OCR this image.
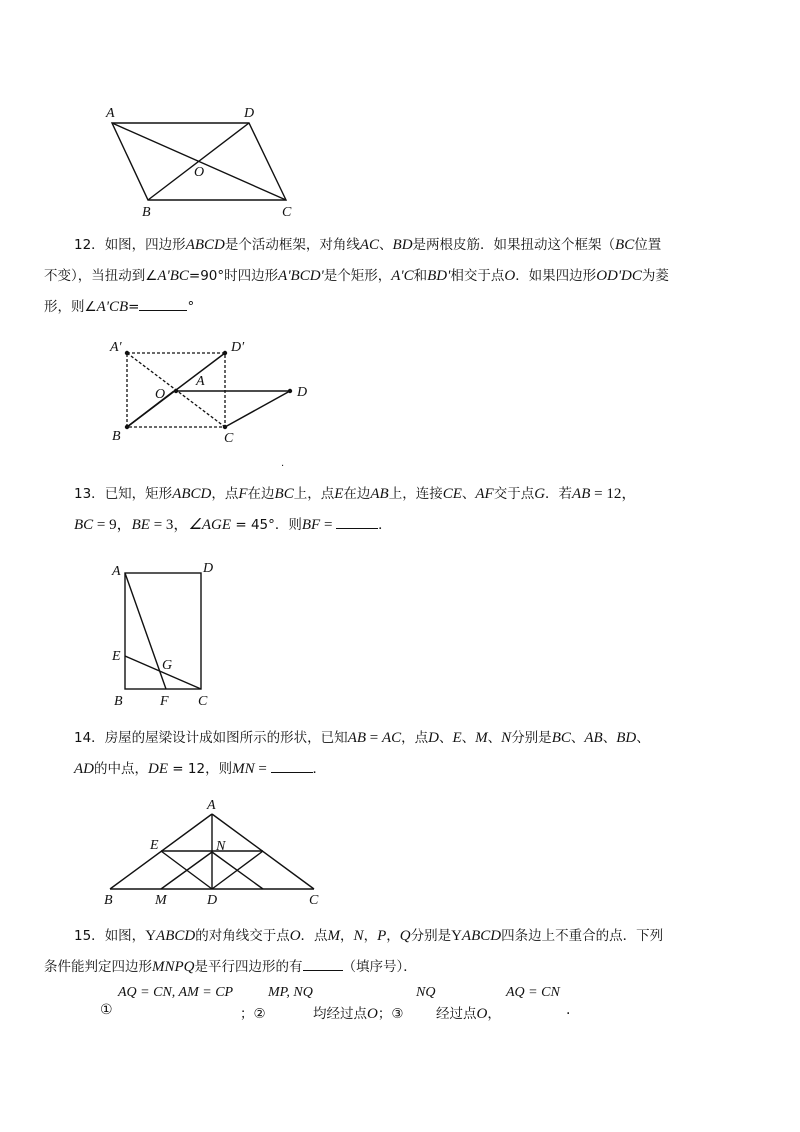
A	D
O
B	C
12．如图，四边形ABCD是个活动框架，对角线AC、BD是两根皮筋．如果扭动这个框架（BC位置
不变），当扭动到∠A'BC=90°时四边形A'BCD'是个矩形，A'C和BD'相交于点O．如果四边形OD'DC为菱
形，则∠A'CB=	°
A′	D′
O
A
D
B	C
.
13．已知，矩形ABCD，点F在边BC上，点E在边AB上，连接CE、AF交于点G．若AB = 12，
BC = 9，BE = 3，∠AGE = 45°．则BF =	．
A	D
E
G
B	F C
14．房屋的屋梁设计成如图所示的形状，已知AB = AC，点D、E、M、N分别是BC、AB、BD、
AD的中点，DE = 12，则MN =	．
A
E	N
B	M	D	C
15．如图，YABCD的对角线交于点O．点M，N，P，Q分别是YABCD四条边上不重合的点．下列
条件能判定四边形MNPQ是平行四边形的有	（填序号）．
①
AQ = CN, AM = CP
；②
MP, NQ
均经过点O；③
NQ
经过点O，
AQ = CN
.
